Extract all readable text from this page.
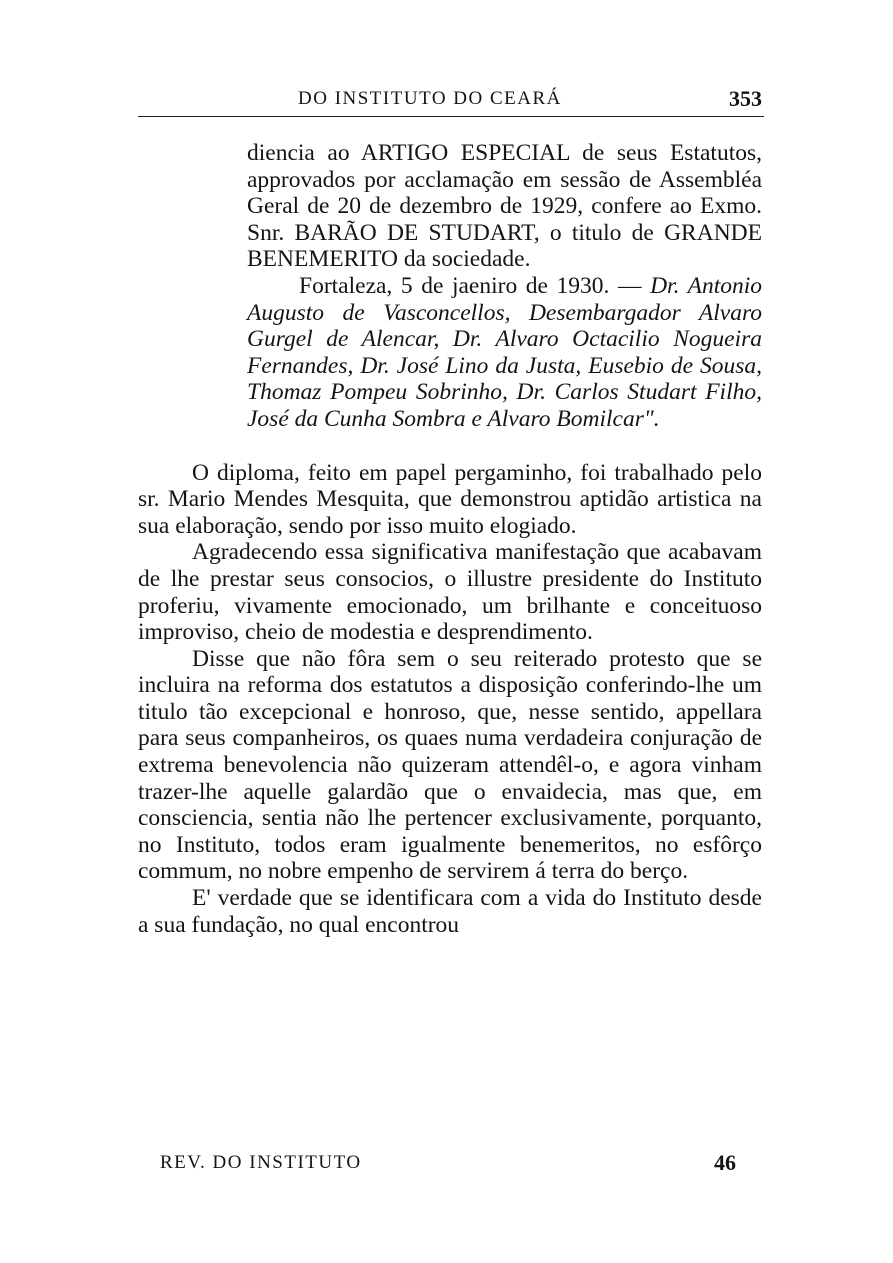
DO INSTITUTO DO CEARÁ	353

diencia ao ARTIGO ESPECIAL de seus Estatutos, approvados por acclamação em sessão de Assembléa Geral de 20 de dezembro de 1929, confere ao Exmo. Snr. BARÃO DE STUDART, o titulo de GRANDE BENEMERITO da sociedade.

Fortaleza, 5 de jaeniro de 1930. — Dr. Antonio Augusto de Vasconcellos, Desembargador Alvaro Gurgel de Alencar, Dr. Alvaro Octacilio Nogueira Fernandes, Dr. José Lino da Justa, Eusebio de Sousa, Thomaz Pompeu Sobrinho, Dr. Carlos Studart Filho, José da Cunha Sombra e Alvaro Bomilcar".

O diploma, feito em papel pergaminho, foi trabalhado pelo sr. Mario Mendes Mesquita, que demonstrou aptidão artistica na sua elaboração, sendo por isso muito elogiado.

Agradecendo essa significativa manifestação que acabavam de lhe prestar seus consocios, o illustre presidente do Instituto proferiu, vivamente emocionado, um brilhante e conceituoso improviso, cheio de modestia e desprendimento.

Disse que não fôra sem o seu reiterado protesto que se incluira na reforma dos estatutos a disposição conferindo-lhe um titulo tão excepcional e honroso, que, nesse sentido, appellara para seus companheiros, os quaes numa verdadeira conjuração de extrema benevolencia não quizeram attendêl-o, e agora vinham trazer-lhe aquelle galardão que o envaidecia, mas que, em consciencia, sentia não lhe pertencer exclusivamente, porquanto, no Instituto, todos eram igualmente benemeritos, no esfôrço commum, no nobre empenho de servirem á terra do berço.

E' verdade que se identificara com a vida do Instituto desde a sua fundação, no qual encontrou

REV. DO INSTITUTO	46
